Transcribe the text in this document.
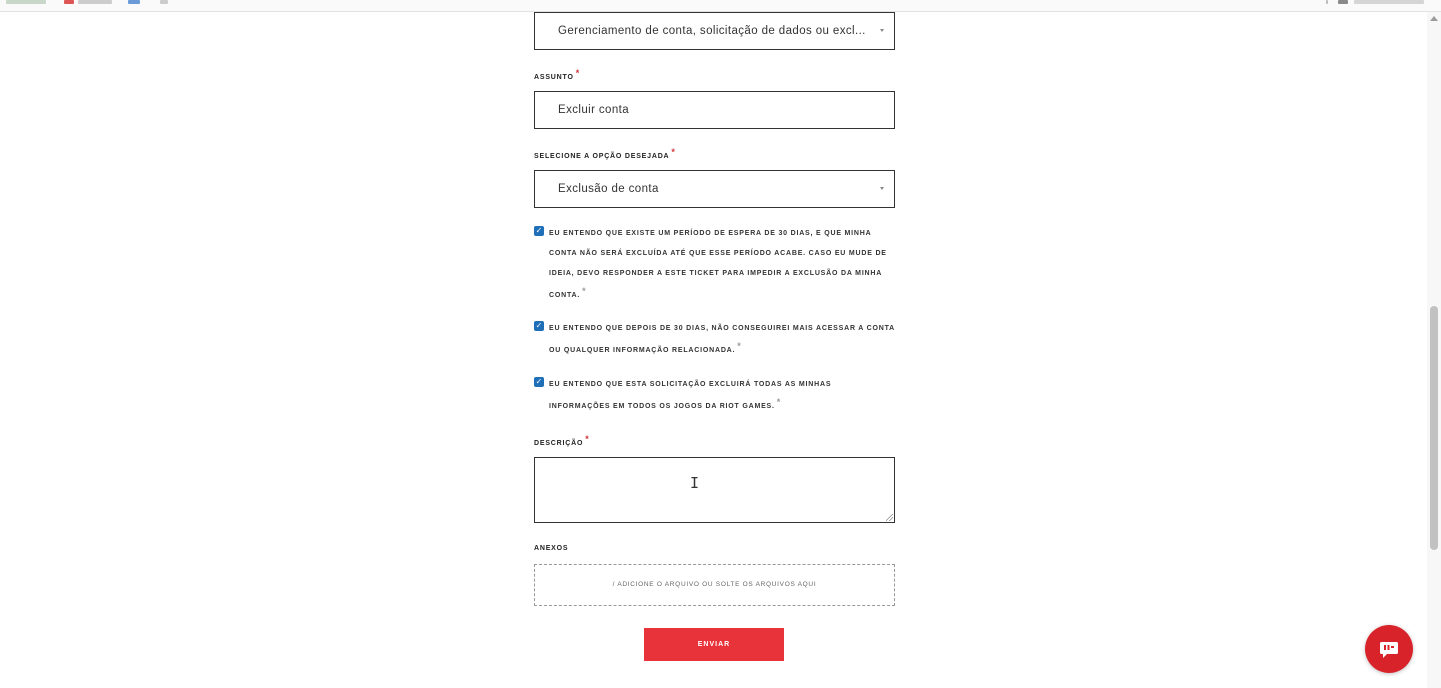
Gerenciamento de conta, solicitação de dados ou excl...
ASSUNTO *
Excluir conta
SELECIONE A OPÇÃO DESEJADA *
Exclusão de conta
✓ EU ENTENDO QUE EXISTE UM PERÍODO DE ESPERA DE 30 DIAS, E QUE MINHA CONTA NÃO SERÁ EXCLUÍDA ATÉ QUE ESSE PERÍODO ACABE. CASO EU MUDE DE IDEIA, DEVO RESPONDER A ESTE TICKET PARA IMPEDIR A EXCLUSÃO DA MINHA CONTA. *
✓ EU ENTENDO QUE DEPOIS DE 30 DIAS, NÃO CONSEGUIREI MAIS ACESSAR A CONTA OU QUALQUER INFORMAÇÃO RELACIONADA. *
✓ EU ENTENDO QUE ESTA SOLICITAÇÃO EXCLUIRÁ TODAS AS MINHAS INFORMAÇÕES EM TODOS OS JOGOS DA RIOT GAMES. *
DESCRIÇÃO *
I
ANEXOS
/ ADICIONE O ARQUIVO OU SOLTE OS ARQUIVOS AQUI
ENVIAR
